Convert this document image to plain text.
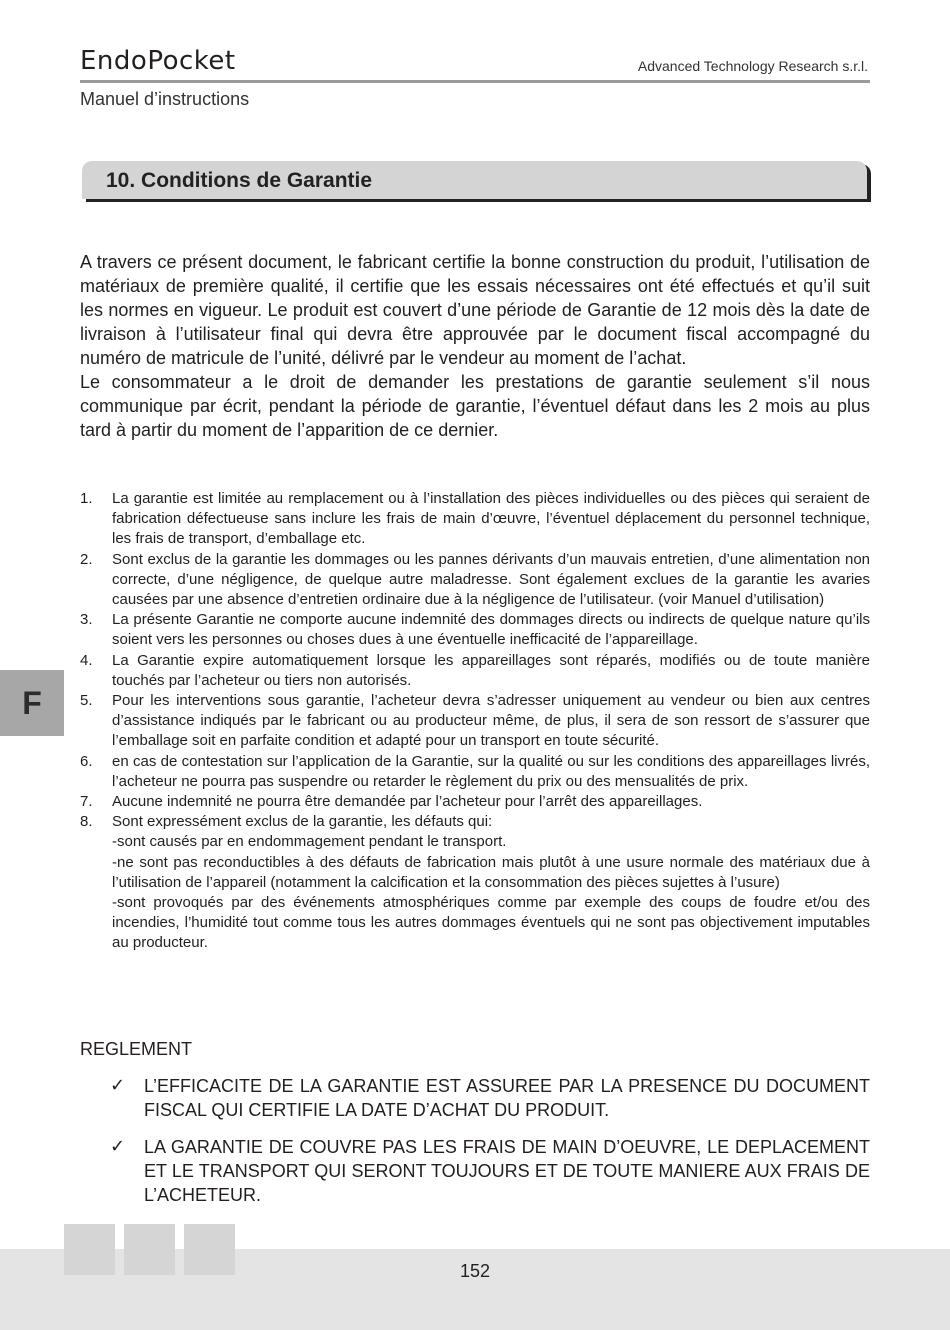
EndoPocket	Advanced Technology Research s.r.l.
Manuel d’instructions
10. Conditions de Garantie

A travers ce présent document, le fabricant certifie la bonne construction du produit, l’utilisation de matériaux de première qualité, il certifie que les essais nécessaires ont été effectués et qu’il suit les normes en vigueur. Le produit est couvert d’une période de Garantie de 12 mois dès la date de livraison à l’utilisateur final qui devra être approuvée par le document fiscal accompagné du numéro de matricule de l’unité, délivré par le vendeur au moment de l’achat.

Le consommateur a le droit de demander les prestations de garantie seulement s’il nous communique par écrit, pendant la période de garantie, l’éventuel défaut dans les 2 mois au plus tard à partir du moment de l’apparition de ce dernier.

1. La garantie est limitée au remplacement ou à l’installation des pièces individuelles ou des pièces qui seraient de fabrication défectueuse sans inclure les frais de main d’œuvre, l’éventuel déplacement du personnel technique, les frais de transport, d’emballage etc.
2. Sont exclus de la garantie les dommages ou les pannes dérivants d’un mauvais entretien, d’une alimentation non correcte, d’une négligence, de quelque autre maladresse. Sont également exclues de la garantie les avaries causées par une absence d’entretien ordinaire due à la négligence de l’utilisateur. (voir Manuel d’utilisation)
3. La présente Garantie ne comporte aucune indemnité des dommages directs ou indirects de quelque nature qu’ils soient vers les personnes ou choses dues à une éventuelle inefficacité de l’appareillage.
4. La Garantie expire automatiquement lorsque les appareillages sont réparés, modifiés ou de toute manière touchés par l’acheteur ou tiers non autorisés.
5. Pour les interventions sous garantie, l’acheteur devra s’adresser uniquement au vendeur ou bien aux centres d’assistance indiqués par le fabricant ou au producteur même, de plus, il sera de son ressort de s’assurer que l’emballage soit en parfaite condition et adapté pour un transport en toute sécurité.
6. en cas de contestation sur l’application de la Garantie, sur la qualité ou sur les conditions des appareillages livrés, l’acheteur ne pourra pas suspendre ou retarder le règlement du prix ou des mensualités de prix.
7. Aucune indemnité ne pourra être demandée par l’acheteur pour l’arrêt des appareillages.
8. Sont expressément exclus de la garantie, les défauts qui:
-sont causés par en endommagement pendant le transport.
-ne sont pas reconductibles à des défauts de fabrication mais plutôt à une usure normale des matériaux due à l’utilisation de l’appareil (notamment la calcification et la consommation des pièces sujettes à l’usure)
-sont provoqués par des événements atmosphériques comme par exemple des coups de foudre et/ou des incendies, l’humidité tout comme tous les autres dommages éventuels qui ne sont pas objectivement imputables au producteur.
REGLEMENT
✓ L’EFFICACITE DE LA GARANTIE EST ASSUREE PAR LA PRESENCE DU DOCUMENT FISCAL QUI CERTIFIE LA DATE D’ACHAT DU PRODUIT.
✓ LA GARANTIE DE COUVRE PAS LES FRAIS DE MAIN D’OEUVRE, LE DEPLACEMENT ET LE TRANSPORT QUI SERONT TOUJOURS ET DE TOUTE MANIERE AUX FRAIS DE L’ACHETEUR.
F
152
